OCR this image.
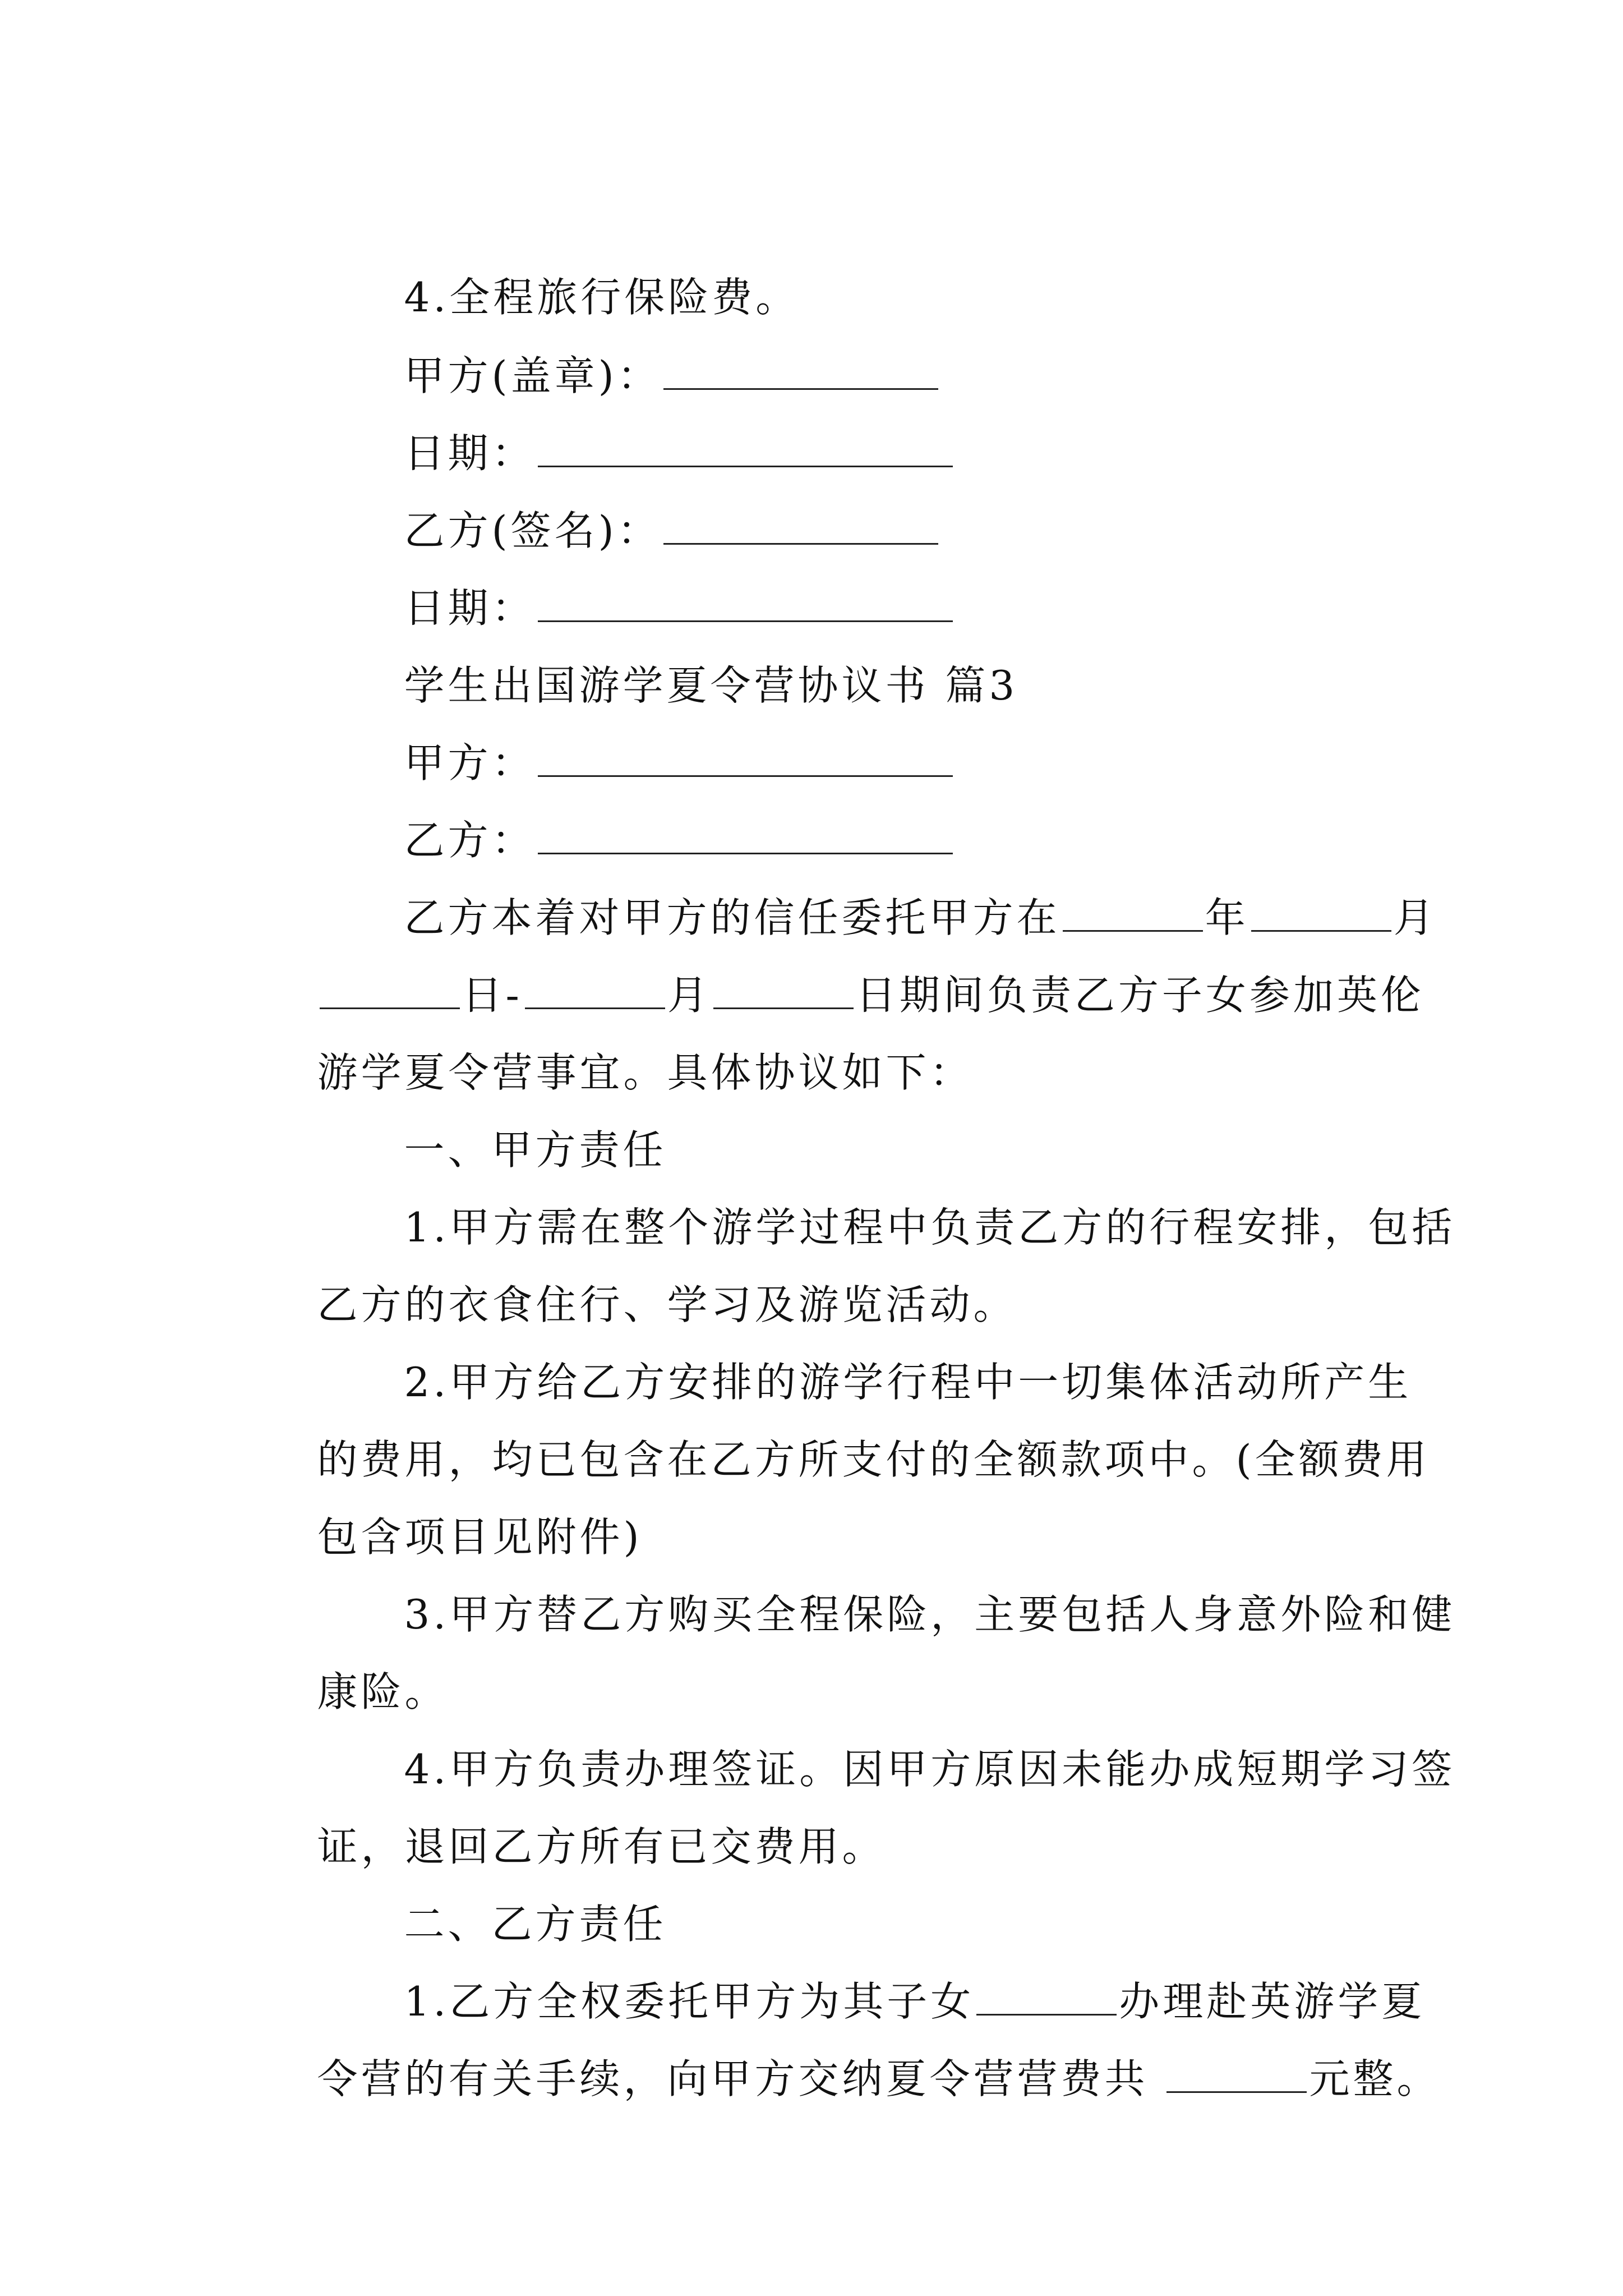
4.全程旅行保险费。

甲方(盖章)：

日期：

乙方(签名)：

日期：

学生出国游学夏令营协议书 篇3

甲方：

乙方：

乙方本着对甲方的信任委托甲方在	年	月

日-	月	日期间负责乙方子女参加英伦

游学夏令营事宜。具体协议如下：

一、甲方责任

1.甲方需在整个游学过程中负责乙方的行程安排，包括

乙方的衣食住行、学习及游览活动。

2.甲方给乙方安排的游学行程中一切集体活动所产生

的费用，均已包含在乙方所支付的全额款项中。(全额费用

包含项目见附件)

3.甲方替乙方购买全程保险，主要包括人身意外险和健

康险。

4.甲方负责办理签证。因甲方原因未能办成短期学习签

证，退回乙方所有已交费用。

二、乙方责任

1.乙方全权委托甲方为其子女	办理赴英游学夏

令营的有关手续，向甲方交纳夏令营营费共	元整。
